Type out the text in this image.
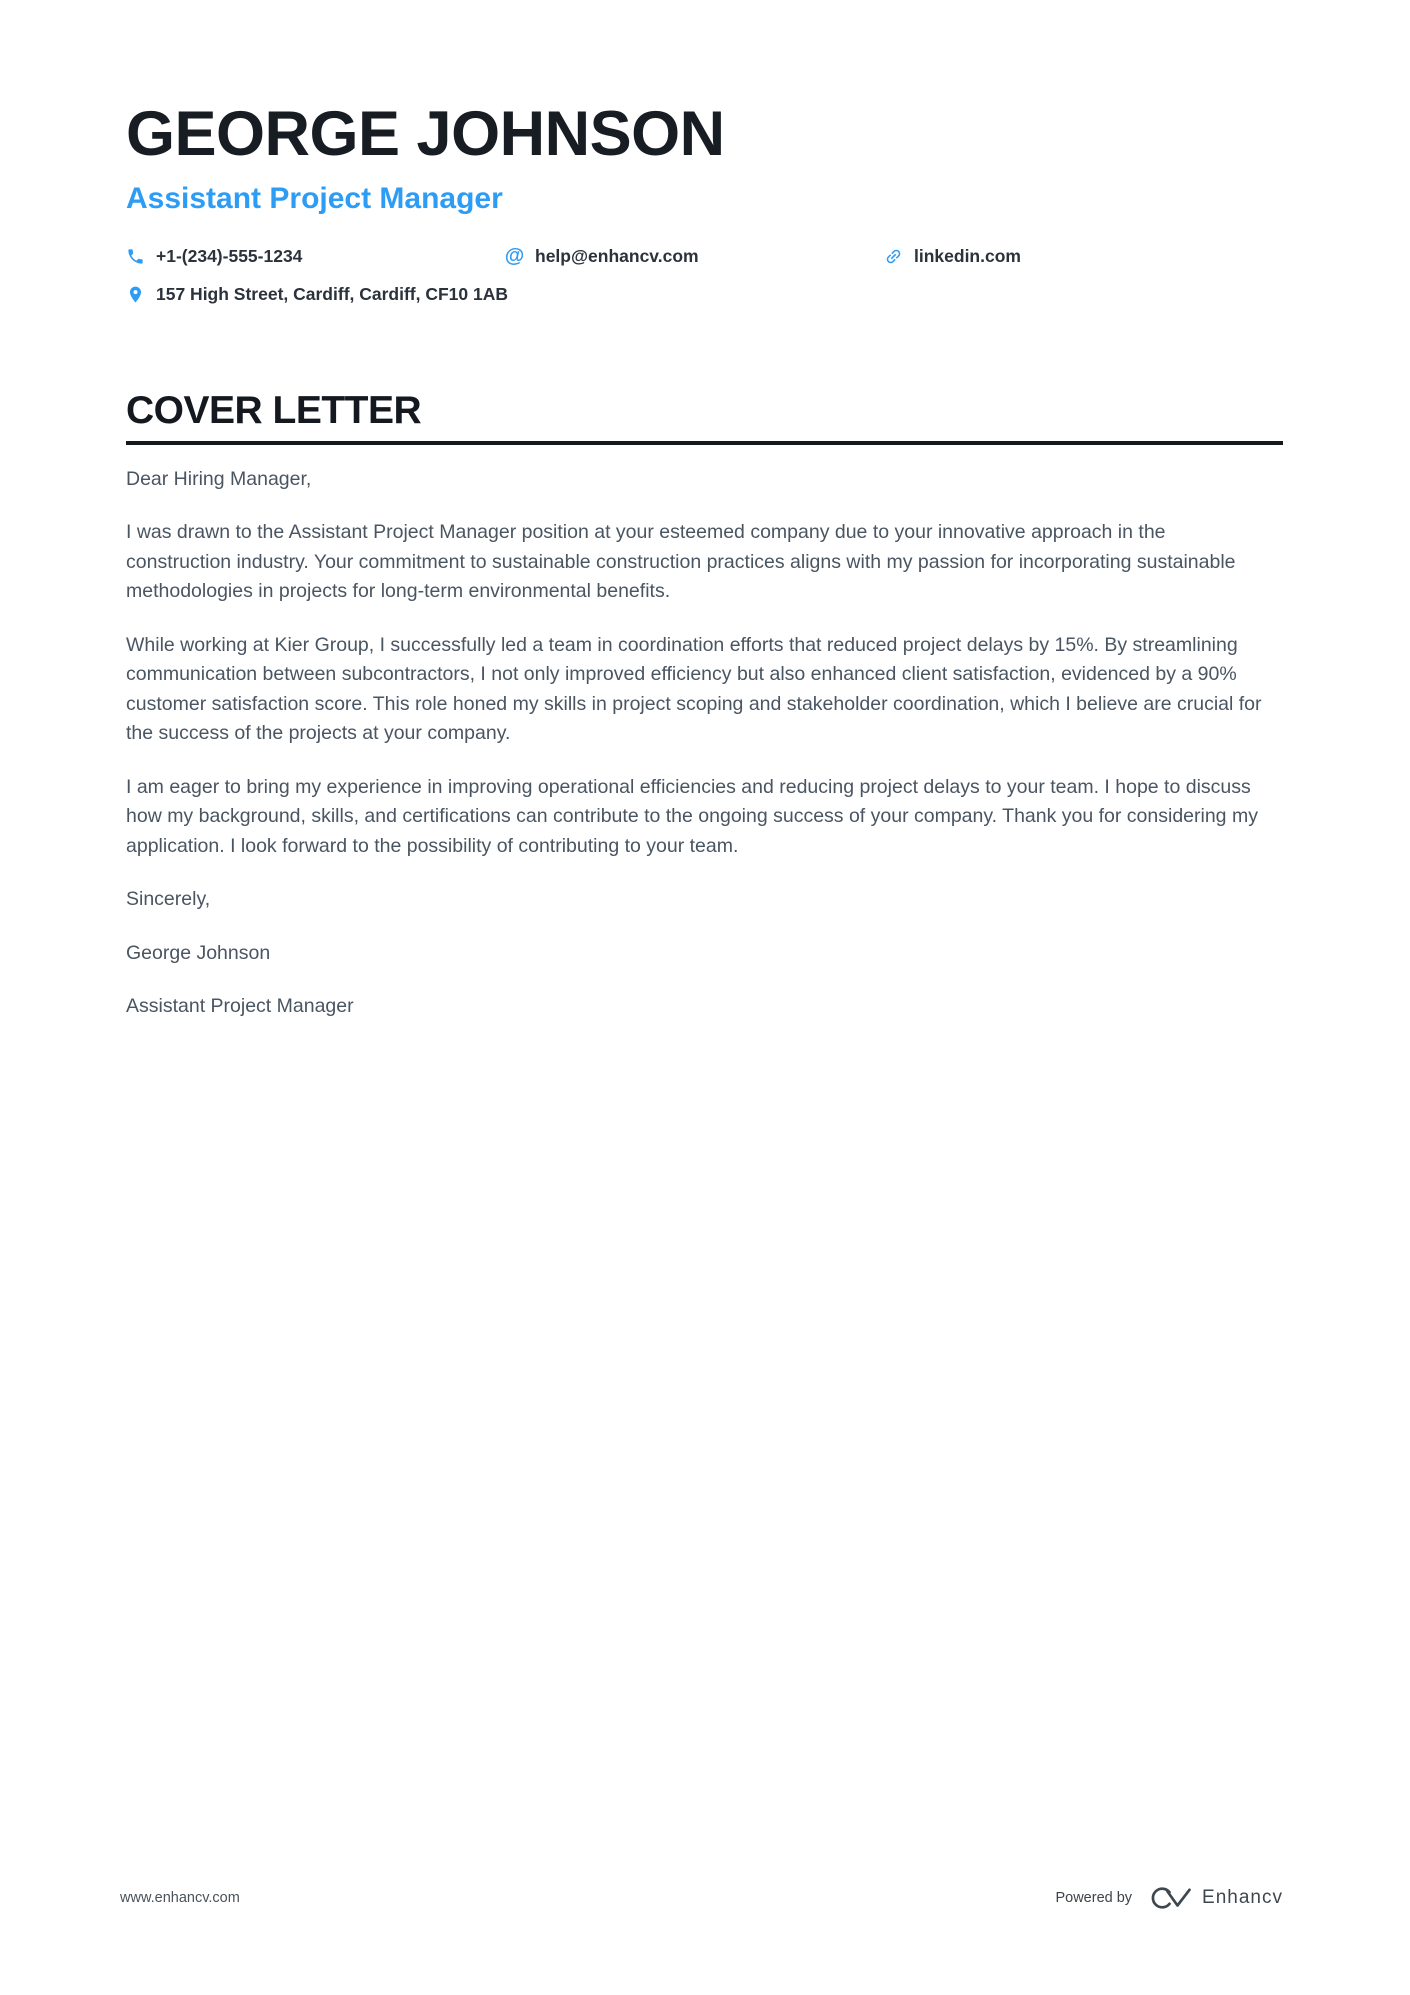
GEORGE JOHNSON
Assistant Project Manager
+1-(234)-555-1234	@ help@enhancv.com	linkedin.com
157 High Street, Cardiff, Cardiff, CF10 1AB
COVER LETTER

Dear Hiring Manager,

I was drawn to the Assistant Project Manager position at your esteemed company due to your innovative approach in the construction industry. Your commitment to sustainable construction practices aligns with my passion for incorporating sustainable methodologies in projects for long-term environmental benefits.

While working at Kier Group, I successfully led a team in coordination efforts that reduced project delays by 15%. By streamlining communication between subcontractors, I not only improved efficiency but also enhanced client satisfaction, evidenced by a 90% customer satisfaction score. This role honed my skills in project scoping and stakeholder coordination, which I believe are crucial for the success of the projects at your company.

I am eager to bring my experience in improving operational efficiencies and reducing project delays to your team. I hope to discuss how my background, skills, and certifications can contribute to the ongoing success of your company. Thank you for considering my application. I look forward to the possibility of contributing to your team.

Sincerely,

George Johnson

Assistant Project Manager

www.enhancv.com	Powered by	Enhancv
